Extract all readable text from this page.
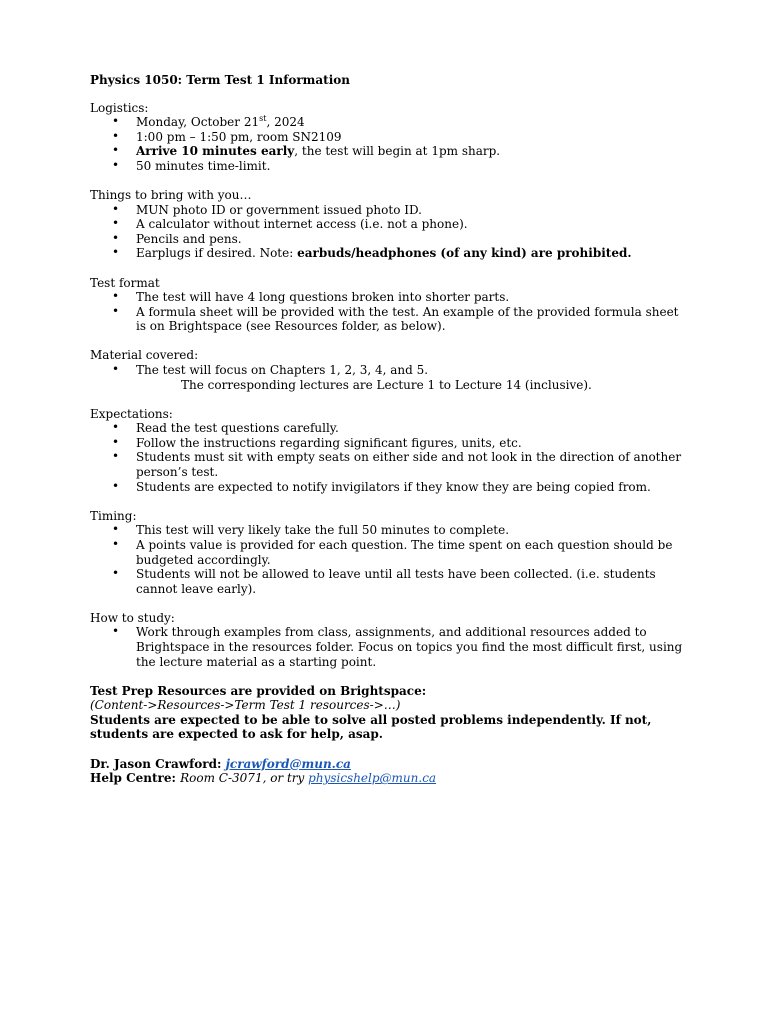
Physics 1050: Term Test 1 Information

Logistics:

• Monday, October 21st, 2024
• 1:00 pm – 1:50 pm, room SN2109
• Arrive 10 minutes early, the test will begin at 1pm sharp.
• 50 minutes time-limit.

Things to bring with you…

• MUN photo ID or government issued photo ID.
• A calculator without internet access (i.e. not a phone).
• Pencils and pens.
• Earplugs if desired. Note: earbuds/headphones (of any kind) are prohibited.

Test format

• The test will have 4 long questions broken into shorter parts.
• A formula sheet will be provided with the test. An example of the provided formula sheet is on Brightspace (see Resources folder, as below).

Material covered:

• The test will focus on Chapters 1, 2, 3, 4, and 5.

The corresponding lectures are Lecture 1 to Lecture 14 (inclusive).

Expectations:

• Read the test questions carefully.
• Follow the instructions regarding significant figures, units, etc.
• Students must sit with empty seats on either side and not look in the direction of another person’s test.
• Students are expected to notify invigilators if they know they are being copied from.

Timing:

• This test will very likely take the full 50 minutes to complete.
• A points value is provided for each question. The time spent on each question should be budgeted accordingly.
• Students will not be allowed to leave until all tests have been collected. (i.e. students cannot leave early).

How to study:

• Work through examples from class, assignments, and additional resources added to Brightspace in the resources folder. Focus on topics you find the most difficult first, using the lecture material as a starting point.

Test Prep Resources are provided on Brightspace:

(Content->Resources->Term Test 1 resources->…)

Students are expected to be able to solve all posted problems independently. If not, students are expected to ask for help, asap.

Dr. Jason Crawford: jcrawford@mun.ca

Help Centre: Room C-3071, or try physicshelp@mun.ca
